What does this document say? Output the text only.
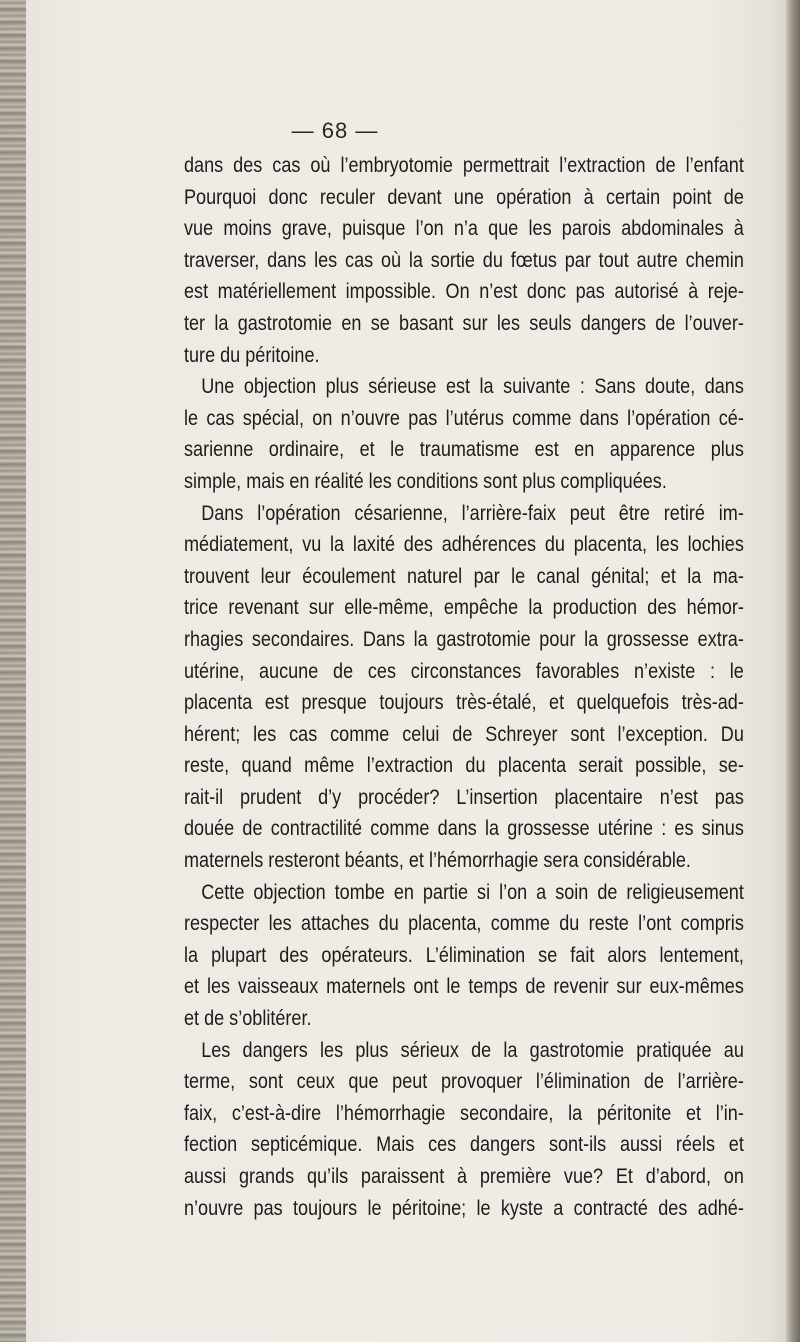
— 68 —
dans des cas où l’embryotomie permettrait l’extraction de l’enfant
Pourquoi donc reculer devant une opération à certain point de
vue moins grave, puisque l’on n’a que les parois abdominales à
traverser, dans les cas où la sortie du fœtus par tout autre chemin
est matériellement impossible. On n’est donc pas autorisé à reje-
ter la gastrotomie en se basant sur les seuls dangers de l’ouver-
ture du péritoine.
Une objection plus sérieuse est la suivante : Sans doute, dans
le cas spécial, on n’ouvre pas l’utérus comme dans l’opération cé-
sarienne ordinaire, et le traumatisme est en apparence plus
simple, mais en réalité les conditions sont plus compliquées.
Dans l’opération césarienne, l’arrière-faix peut être retiré im-
médiatement, vu la laxité des adhérences du placenta, les lochies
trouvent leur écoulement naturel par le canal génital; et la ma-
trice revenant sur elle-même, empêche la production des hémor-
rhagies secondaires. Dans la gastrotomie pour la grossesse extra-
utérine, aucune de ces circonstances favorables n’existe : le
placenta est presque toujours très-étalé, et quelquefois très-ad-
hérent; les cas comme celui de Schreyer sont l’exception. Du
reste, quand même l’extraction du placenta serait possible, se-
rait-il prudent d’y procéder? L’insertion placentaire n’est pas
douée de contractilité comme dans la grossesse utérine : es sinus
maternels resteront béants, et l’hémorrhagie sera considérable.
Cette objection tombe en partie si l’on a soin de religieusement
respecter les attaches du placenta, comme du reste l’ont compris
la plupart des opérateurs. L’élimination se fait alors lentement,
et les vaisseaux maternels ont le temps de revenir sur eux-mêmes
et de s’oblitérer.
Les dangers les plus sérieux de la gastrotomie pratiquée au
terme, sont ceux que peut provoquer l’élimination de l’arrière-
faix, c’est-à-dire l’hémorrhagie secondaire, la péritonite et l’in-
fection septicémique. Mais ces dangers sont-ils aussi réels et
aussi grands qu’ils paraissent à première vue? Et d’abord, on
n’ouvre pas toujours le péritoine; le kyste a contracté des adhé-
